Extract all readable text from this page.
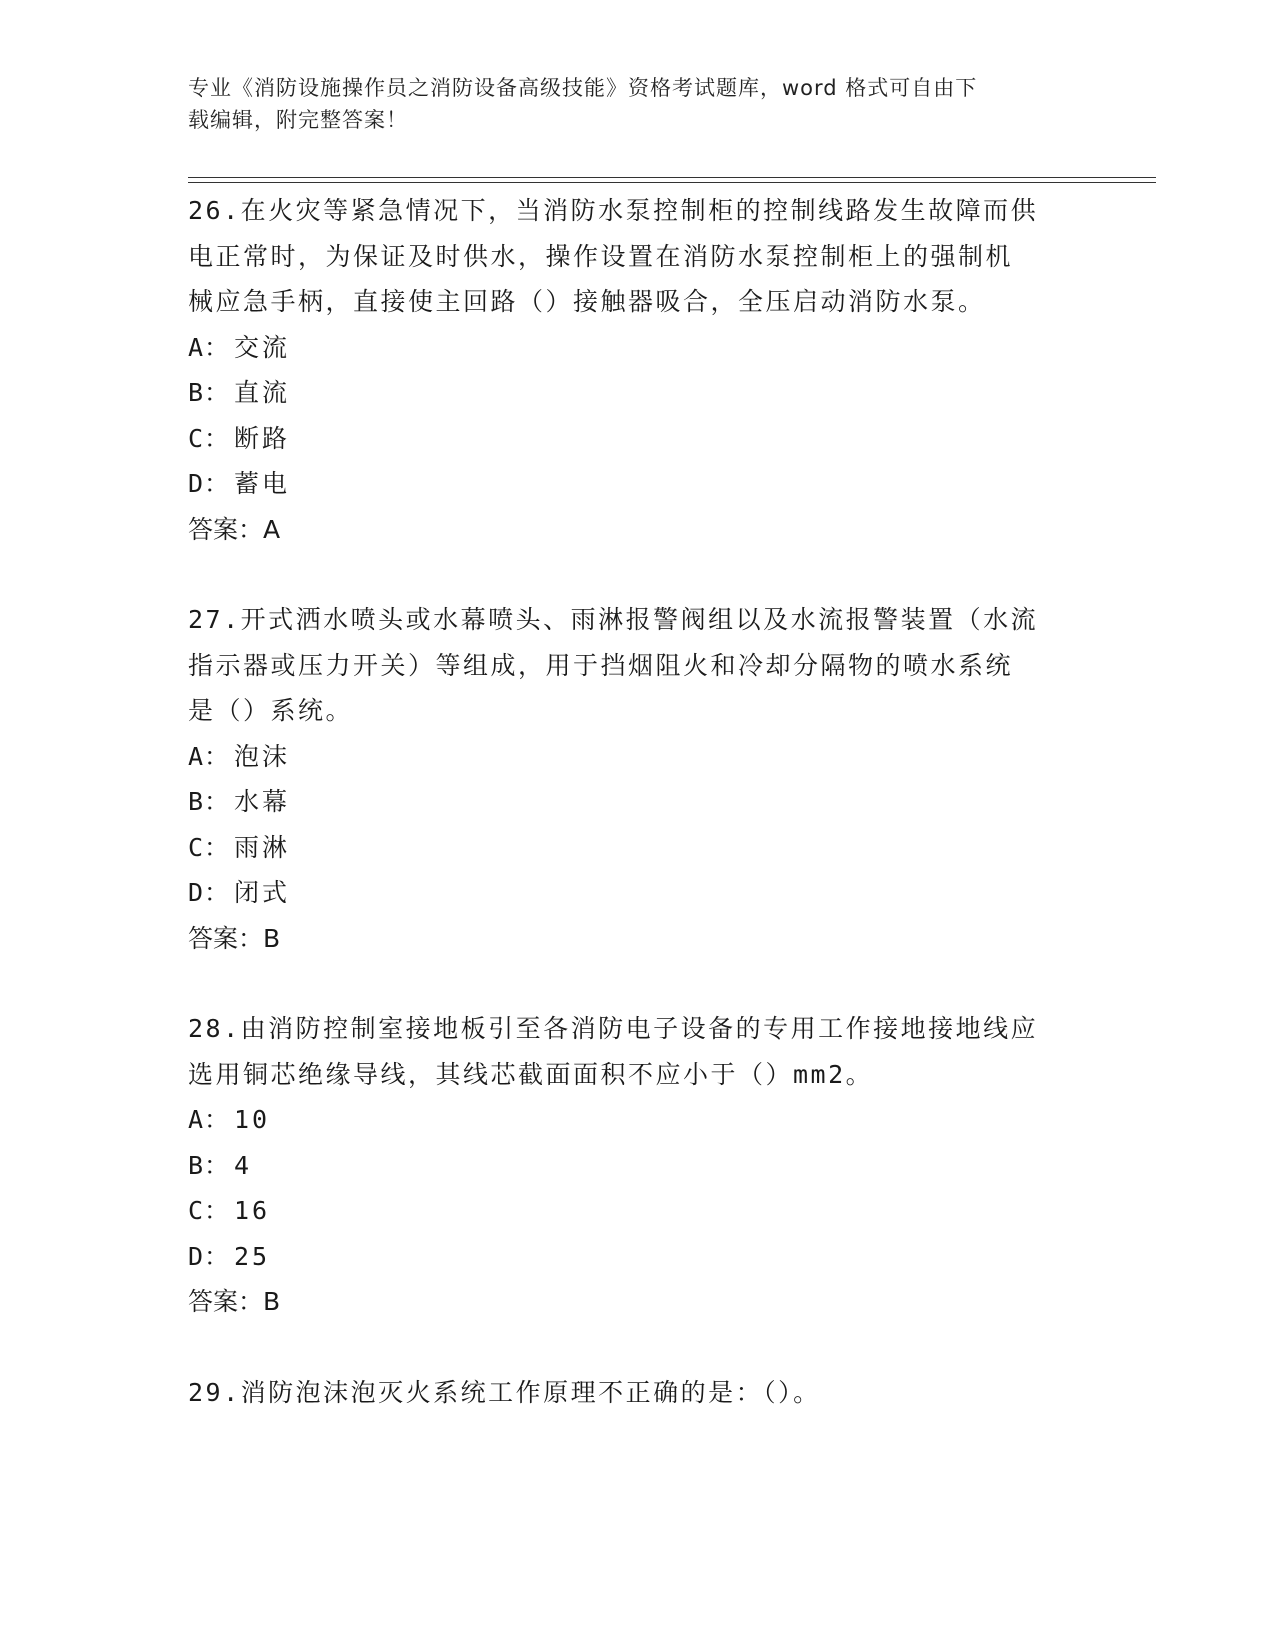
专业《消防设施操作员之消防设备高级技能》资格考试题库，word 格式可自由下
载编辑，附完整答案！

26.在火灾等紧急情况下，当消防水泵控制柜的控制线路发生故障而供

电正常时，为保证及时供水，操作设置在消防水泵控制柜上的强制机

械应急手柄，直接使主回路（）接触器吸合，全压启动消防水泵。

A： 交流

B： 直流

C： 断路

D： 蓄电

答案：A

27.开式洒水喷头或水幕喷头、雨淋报警阀组以及水流报警装置（水流

指示器或压力开关）等组成，用于挡烟阻火和冷却分隔物的喷水系统

是（）系统。

A： 泡沫

B： 水幕

C： 雨淋

D： 闭式

答案：B

28.由消防控制室接地板引至各消防电子设备的专用工作接地接地线应

选用铜芯绝缘导线，其线芯截面面积不应小于（）mm2。

A： 10

B： 4

C： 16

D： 25

答案：B

29.消防泡沫泡灭火系统工作原理不正确的是：（）。
